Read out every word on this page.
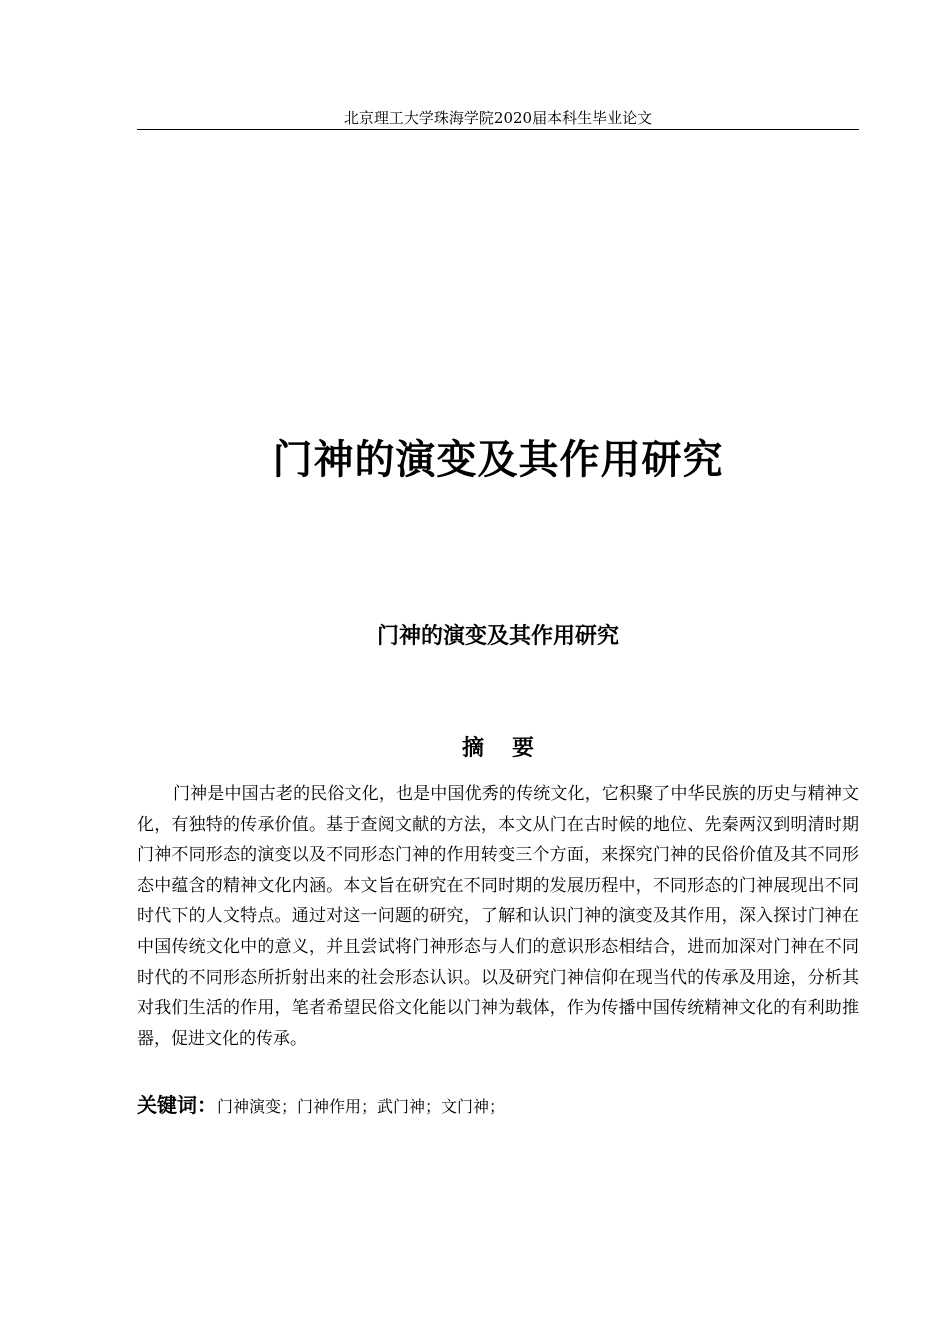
北京理工大学珠海学院2020届本科生毕业论文
门神的演变及其作用研究
门神的演变及其作用研究
摘要

门神是中国古老的民俗文化，也是中国优秀的传统文化，它积聚了中华民族的历史与精神文化，有独特的传承价值。基于查阅文献的方法，本文从门在古时候的地位、先秦两汉到明清时期门神不同形态的演变以及不同形态门神的作用转变三个方面，来探究门神的民俗价值及其不同形态中蕴含的精神文化内涵。本文旨在研究在不同时期的发展历程中，不同形态的门神展现出不同时代下的人文特点。通过对这一问题的研究，了解和认识门神的演变及其作用，深入探讨门神在中国传统文化中的意义，并且尝试将门神形态与人们的意识形态相结合，进而加深对门神在不同时代的不同形态所折射出来的社会形态认识。以及研究门神信仰在现当代的传承及用途，分析其对我们生活的作用，笔者希望民俗文化能以门神为载体，作为传播中国传统精神文化的有利助推器，促进文化的传承。

关键词：门神演变；门神作用；武门神；文门神；
